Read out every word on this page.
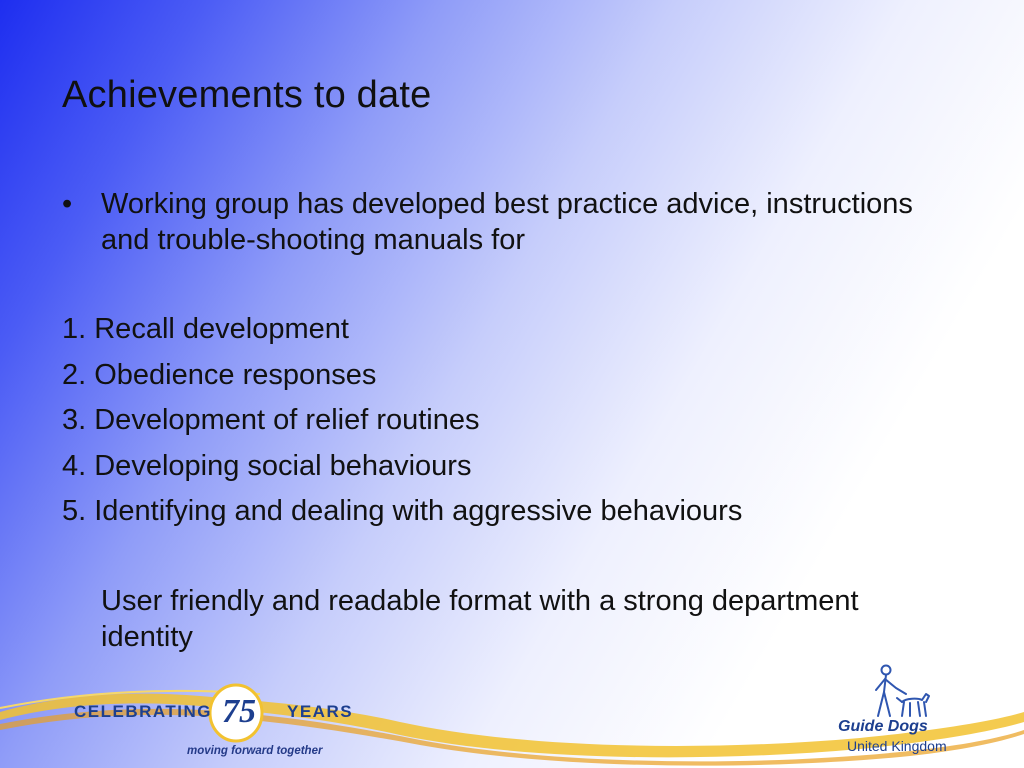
Achievements to date
• Working group has developed best practice advice, instructions and trouble-shooting manuals for
1. Recall development
2. Obedience responses
3. Development of relief routines
4. Developing social behaviours
5. Identifying and dealing with aggressive behaviours
User friendly and readable format with a strong department identity
CELEBRATING 75 YEARS
moving forward together
Guide Dogs
United Kingdom
